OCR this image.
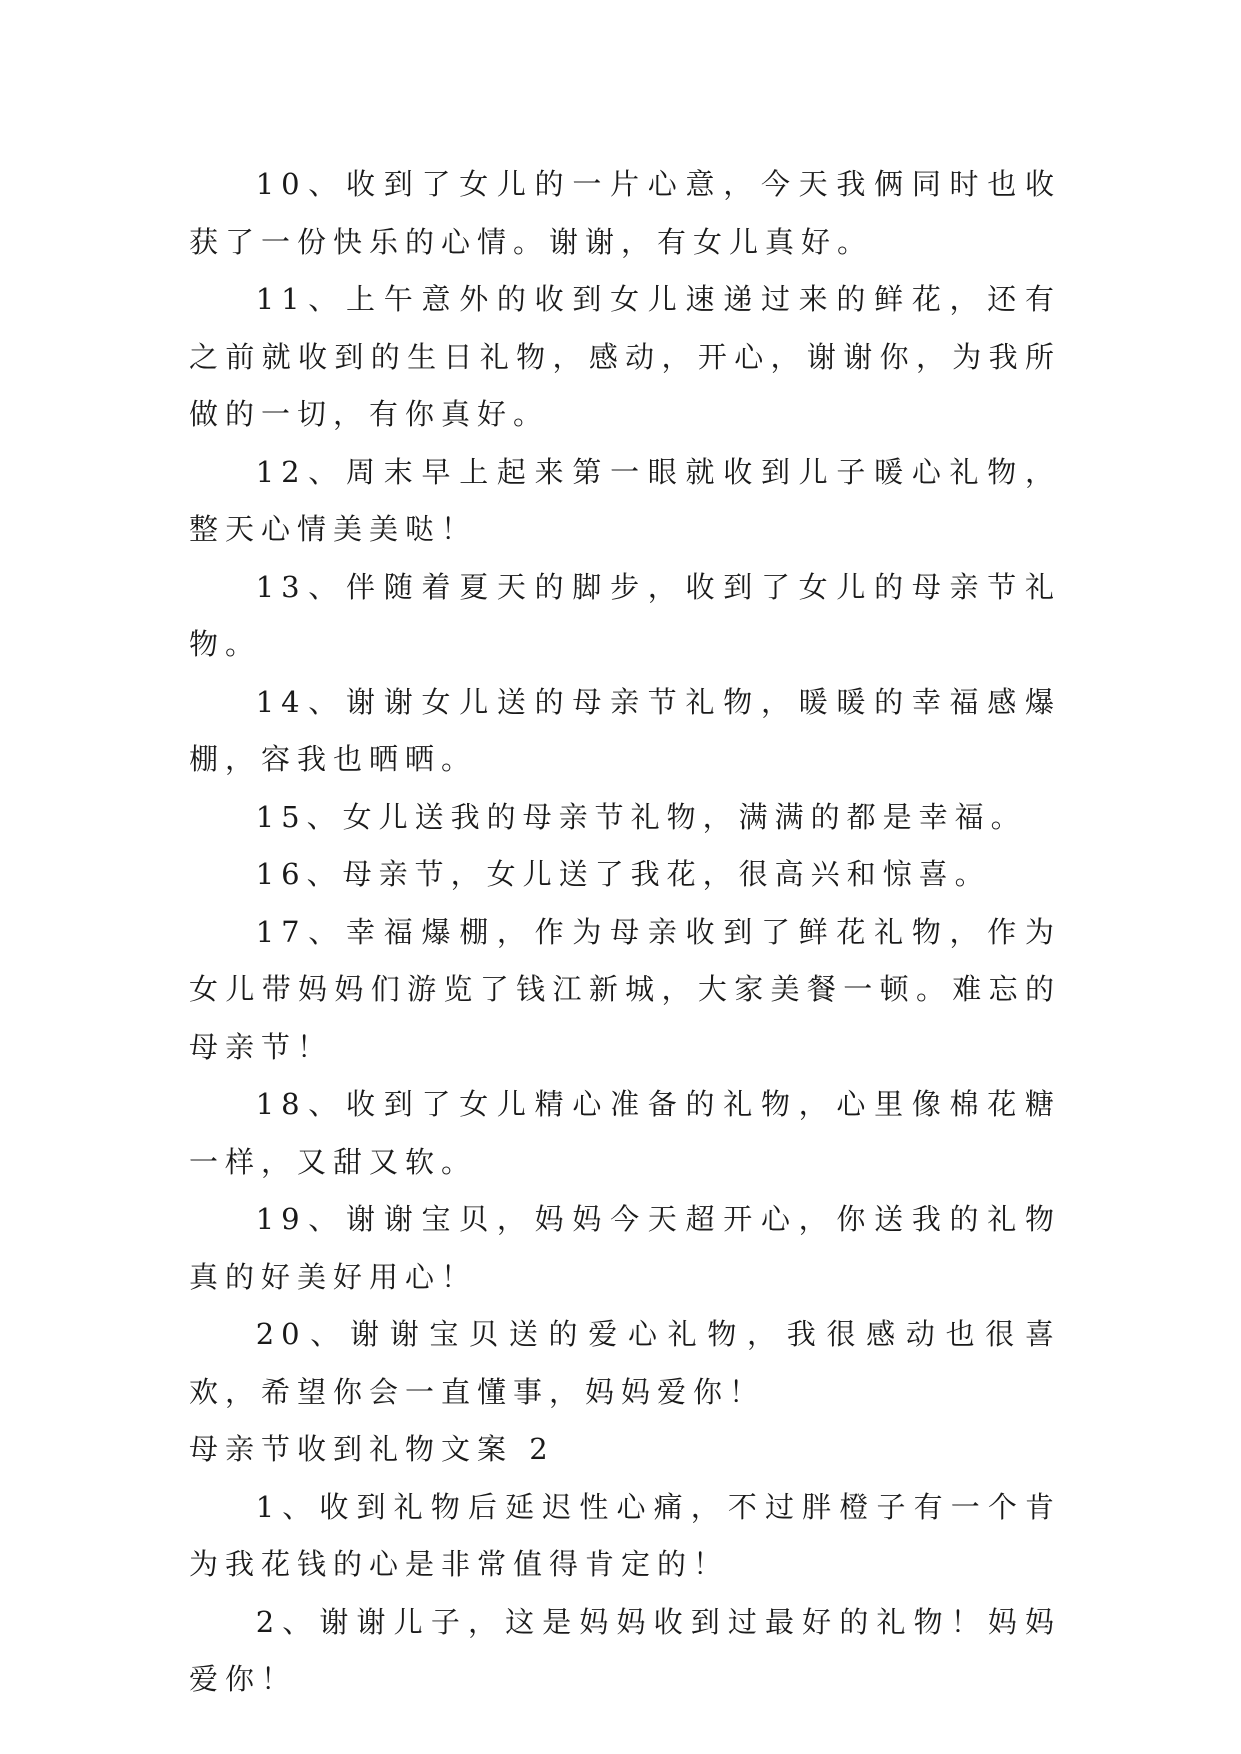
10、收到了女儿的一片心意，今天我俩同时也收获了一份快乐的心情。谢谢，有女儿真好。

11、上午意外的收到女儿速递过来的鲜花，还有之前就收到的生日礼物，感动，开心，谢谢你，为我所做的一切，有你真好。

12、周末早上起来第一眼就收到儿子暖心礼物，整天心情美美哒！

13、伴随着夏天的脚步，收到了女儿的母亲节礼物。

14、谢谢女儿送的母亲节礼物，暖暖的幸福感爆棚，容我也晒晒。

15、女儿送我的母亲节礼物，满满的都是幸福。

16、母亲节，女儿送了我花，很高兴和惊喜。

17、幸福爆棚，作为母亲收到了鲜花礼物，作为女儿带妈妈们游览了钱江新城，大家美餐一顿。难忘的母亲节！

18、收到了女儿精心准备的礼物，心里像棉花糖一样，又甜又软。

19、谢谢宝贝，妈妈今天超开心，你送我的礼物真的好美好用心！

20、谢谢宝贝送的爱心礼物，我很感动也很喜欢，希望你会一直懂事，妈妈爱你！

母亲节收到礼物文案 2

1、收到礼物后延迟性心痛，不过胖橙子有一个肯为我花钱的心是非常值得肯定的！

2、谢谢儿子，这是妈妈收到过最好的礼物！妈妈爱你！
